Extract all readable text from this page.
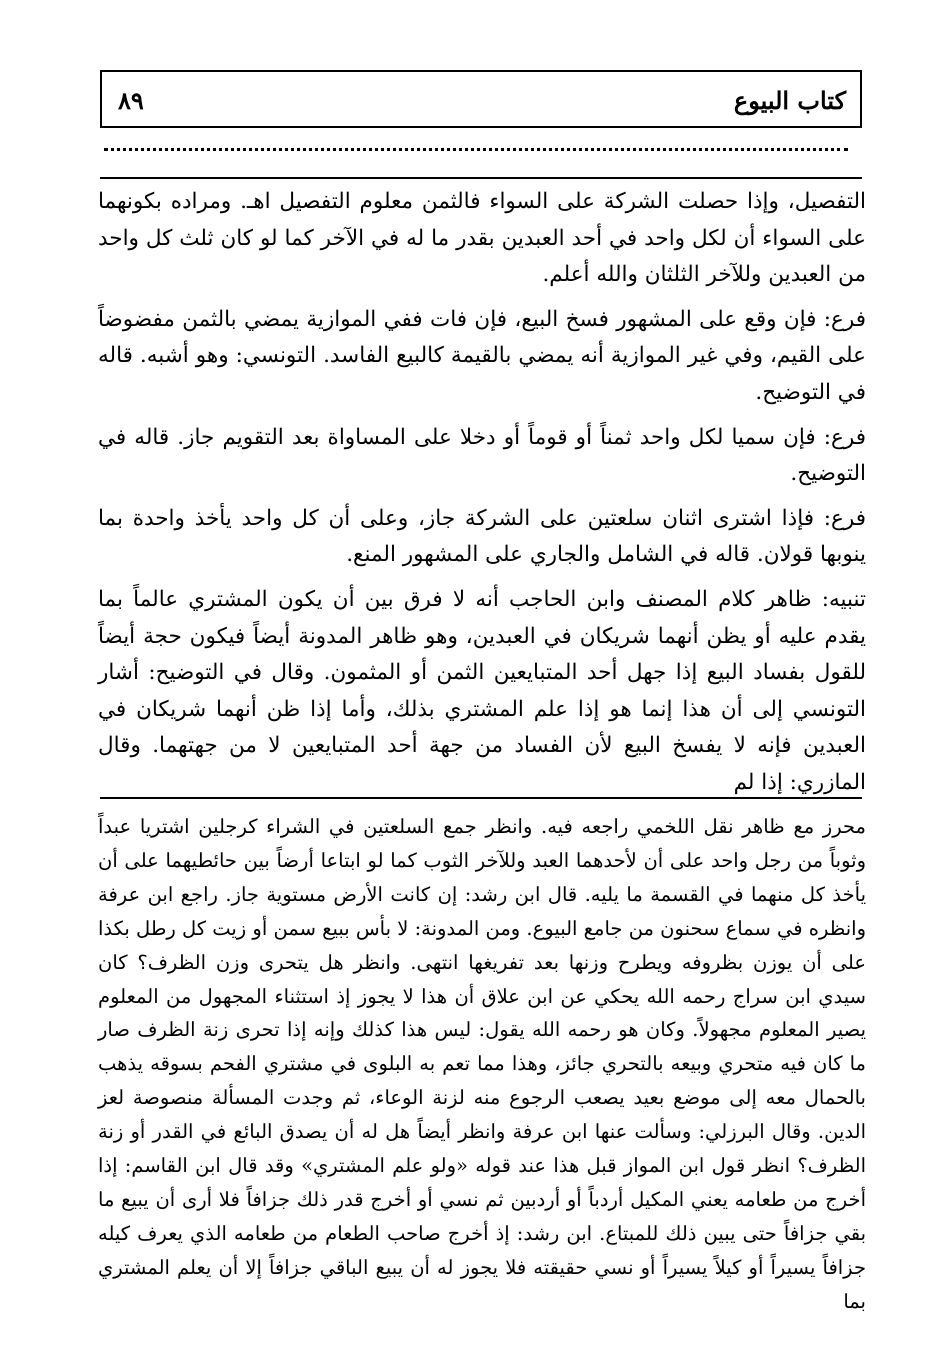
كتاب البيوع
٨٩

التفصيل، وإذا حصلت الشركة على السواء فالثمن معلوم التفصيل اهـ. ومراده بكونهما على السواء أن لكل واحد في أحد العبدين بقدر ما له في الآخر كما لو كان ثلث كل واحد من العبدين وللآخر الثلثان والله أعلم.

فرع: فإن وقع على المشهور فسخ البيع، فإن فات ففي الموازية يمضي بالثمن مفضوضاً على القيم، وفي غير الموازية أنه يمضي بالقيمة كالبيع الفاسد. التونسي: وهو أشبه. قاله في التوضيح.

فرع: فإن سميا لكل واحد ثمناً أو قوماً أو دخلا على المساواة بعد التقويم جاز. قاله في التوضيح.

فرع: فإذا اشترى اثنان سلعتين على الشركة جاز، وعلى أن كل واحد يأخذ واحدة بما ينوبها قولان. قاله في الشامل والجاري على المشهور المنع.

تنبيه: ظاهر كلام المصنف وابن الحاجب أنه لا فرق بين أن يكون المشتري عالماً بما يقدم عليه أو يظن أنهما شريكان في العبدين، وهو ظاهر المدونة أيضاً فيكون حجة أيضاً للقول بفساد البيع إذا جهل أحد المتبايعين الثمن أو المثمون. وقال في التوضيح: أشار التونسي إلى أن هذا إنما هو إذا علم المشتري بذلك، وأما إذا ظن أنهما شريكان في العبدين فإنه لا يفسخ البيع لأن الفساد من جهة أحد المتبايعين لا من جهتهما. وقال المازري: إذا لم

محرز مع ظاهر نقل اللخمي راجعه فيه. وانظر جمع السلعتين في الشراء كرجلين اشتريا عبداً وثوباً من رجل واحد على أن لأحدهما العبد وللآخر الثوب كما لو ابتاعا أرضاً بين حائطيهما على أن يأخذ كل منهما في القسمة ما يليه. قال ابن رشد: إن كانت الأرض مستوية جاز. راجع ابن عرفة وانظره في سماع سحنون من جامع البيوع. ومن المدونة: لا بأس ببيع سمن أو زيت كل رطل بكذا على أن يوزن بظروفه ويطرح وزنها بعد تفريغها انتهى. وانظر هل يتحرى وزن الظرف؟ كان سيدي ابن سراج رحمه الله يحكي عن ابن علاق أن هذا لا يجوز إذ استثناء المجهول من المعلوم يصير المعلوم مجهولاً. وكان هو رحمه الله يقول: ليس هذا كذلك وإنه إذا تحرى زنة الظرف صار ما كان فيه متحري وبيعه بالتحري جائز، وهذا مما تعم به البلوى في مشتري الفحم بسوقه يذهب بالحمال معه إلى موضع بعيد يصعب الرجوع منه لزنة الوعاء، ثم وجدت المسألة منصوصة لعز الدين. وقال البرزلي: وسألت عنها ابن عرفة وانظر أيضاً هل له أن يصدق البائع في القدر أو زنة الظرف؟ انظر قول ابن المواز قبل هذا عند قوله «ولو علم المشتري» وقد قال ابن القاسم: إذا أخرج من طعامه يعني المكيل أردباً أو أردبين ثم نسي أو أخرج قدر ذلك جزافاً فلا أرى أن يبيع ما بقي جزافاً حتى يبين ذلك للمبتاع. ابن رشد: إذ أخرج صاحب الطعام من طعامه الذي يعرف كيله جزافاً يسيراً أو كيلاً يسيراً أو نسي حقيقته فلا يجوز له أن يبيع الباقي جزافاً إلا أن يعلم المشتري بما
